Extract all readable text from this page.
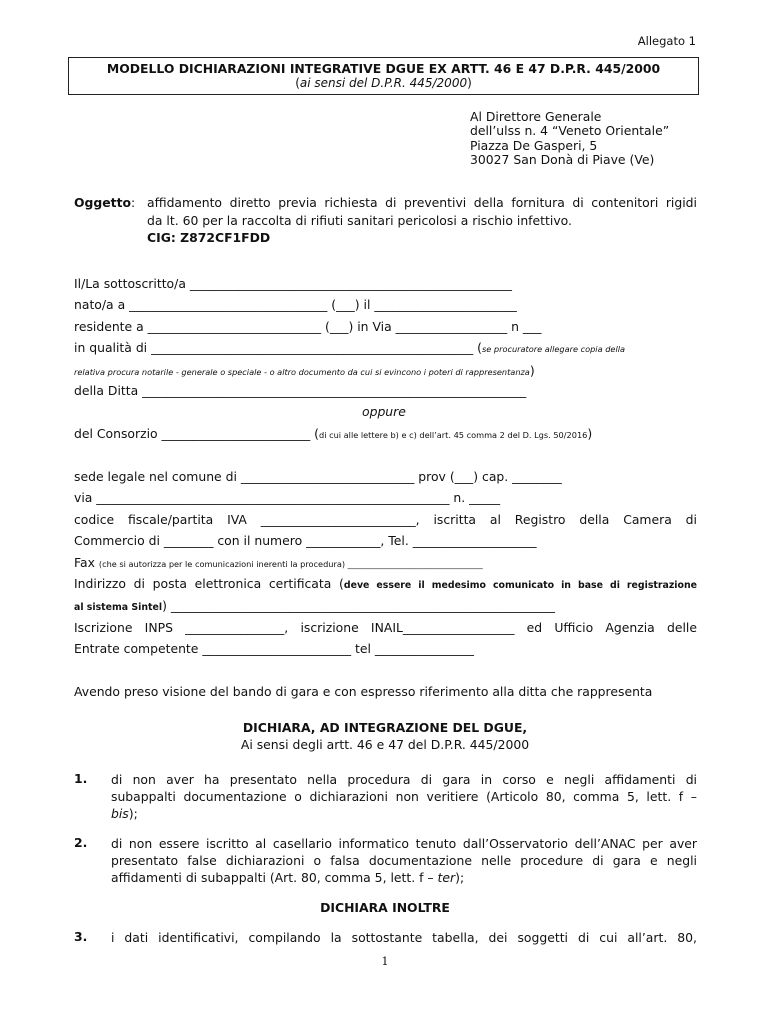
Allegato 1
MODELLO DICHIARAZIONI INTEGRATIVE DGUE EX ARTT. 46 E 47 D.P.R. 445/2000
(ai sensi del D.P.R. 445/2000)
Al Direttore Generale
dell’ulss n. 4 “Veneto Orientale”
Piazza De Gasperi, 5
30027 San Donà di Piave (Ve)
Oggetto: affidamento diretto previa richiesta di preventivi della fornitura di contenitori rigidi
da lt. 60 per la raccolta di rifiuti sanitari pericolosi a rischio infettivo.
CIG: Z872CF1FDD
Il/La sottoscritto/a ____________________________________________________
nato/a a ________________________________ (___) il _______________________
residente a ____________________________ (___) in Via __________________ n ___
in qualità di ____________________________________________________ (se procuratore allegare copia della
relativa procura notarile - generale o speciale - o altro documento da cui si evincono i poteri di rappresentanza)
della Ditta ______________________________________________________________
oppure
del Consorzio ________________________ (di cui alle lettere b) e c) dell’art. 45 comma 2 del D. Lgs. 50/2016)
sede legale nel comune di ____________________________ prov (___) cap. ________
via _________________________________________________________ n. _____
codice fiscale/partita IVA _________________________, iscritta al Registro della Camera di
Commercio di ________ con il numero ____________, Tel. ____________________
Fax (che si autorizza per le comunicazioni inerenti la procedura) _________________________________
Indirizzo di posta elettronica certificata (deve essere il medesimo comunicato in base di registrazione
al sistema Sintel) ______________________________________________________________
Iscrizione INPS ________________, iscrizione INAIL__________________ ed Ufficio Agenzia delle
Entrate competente ________________________ tel ________________
Avendo preso visione del bando di gara e con espresso riferimento alla ditta che rappresenta
DICHIARA, AD INTEGRAZIONE DEL DGUE,
Ai sensi degli artt. 46 e 47 del D.P.R. 445/2000
1. di non aver ha presentato nella procedura di gara in corso e negli affidamenti di
subappalti documentazione o dichiarazioni non veritiere (Articolo 80, comma 5, lett. f –
bis);
2. di non essere iscritto al casellario informatico tenuto dall’Osservatorio dell’ANAC per aver
presentato false dichiarazioni o falsa documentazione nelle procedure di gara e negli
affidamenti di subappalti (Art. 80, comma 5, lett. f – ter);
DICHIARA INOLTRE
3. i dati identificativi, compilando la sottostante tabella, dei soggetti di cui all’art. 80,
1
